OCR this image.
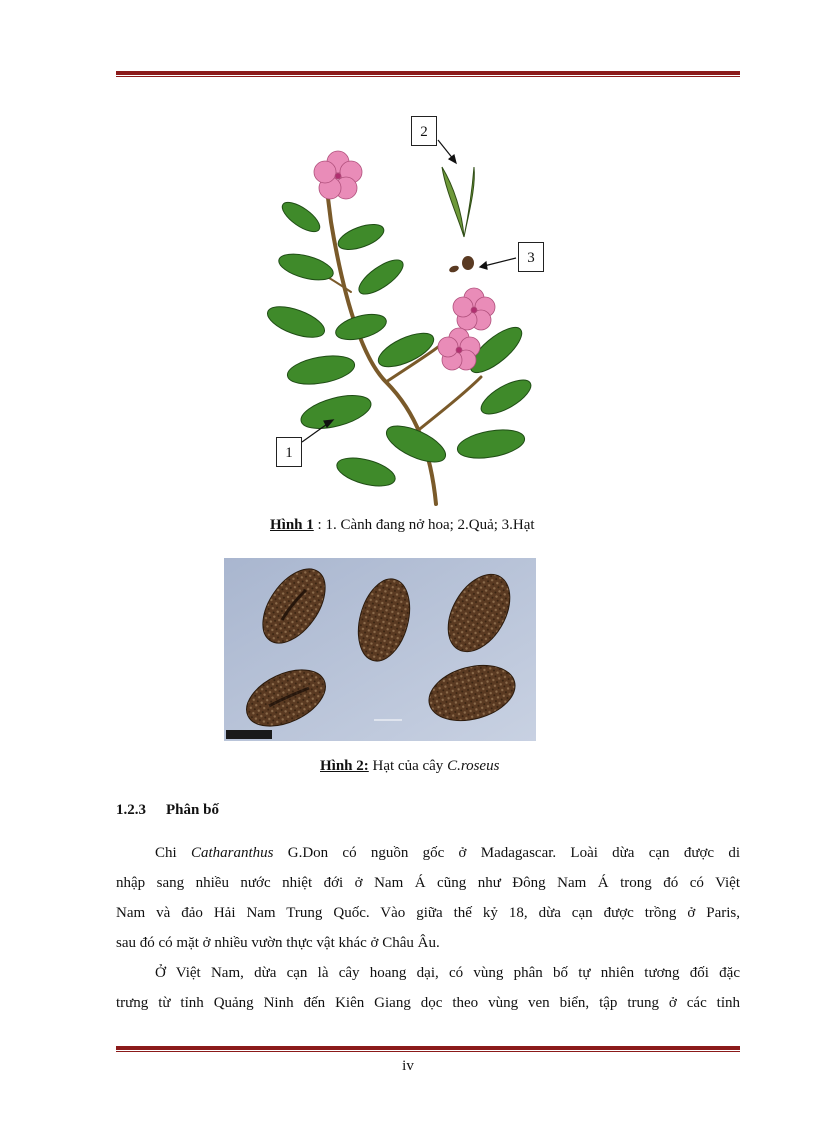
2
3
1
Hình 1 : 1. Cành đang nở hoa; 2.Quả; 3.Hạt
Hình 2: Hạt của cây C.roseus
1.2.3 Phân bố
Chi Catharanthus G.Don có nguồn gốc ở Madagascar. Loài dừa cạn được di
nhập sang nhiều nước nhiệt đới ở Nam Á cũng như Đông Nam Á trong đó có Việt
Nam và đảo Hải Nam Trung Quốc. Vào giữa thế kỷ 18, dừa cạn được trồng ở Paris,
sau đó có mặt ở nhiều vườn thực vật khác ở Châu Âu.
Ở Việt Nam, dừa cạn là cây hoang dại, có vùng phân bố tự nhiên tương đối đặc
trưng từ tỉnh Quảng Ninh đến Kiên Giang dọc theo vùng ven biển, tập trung ở các tỉnh
iv
